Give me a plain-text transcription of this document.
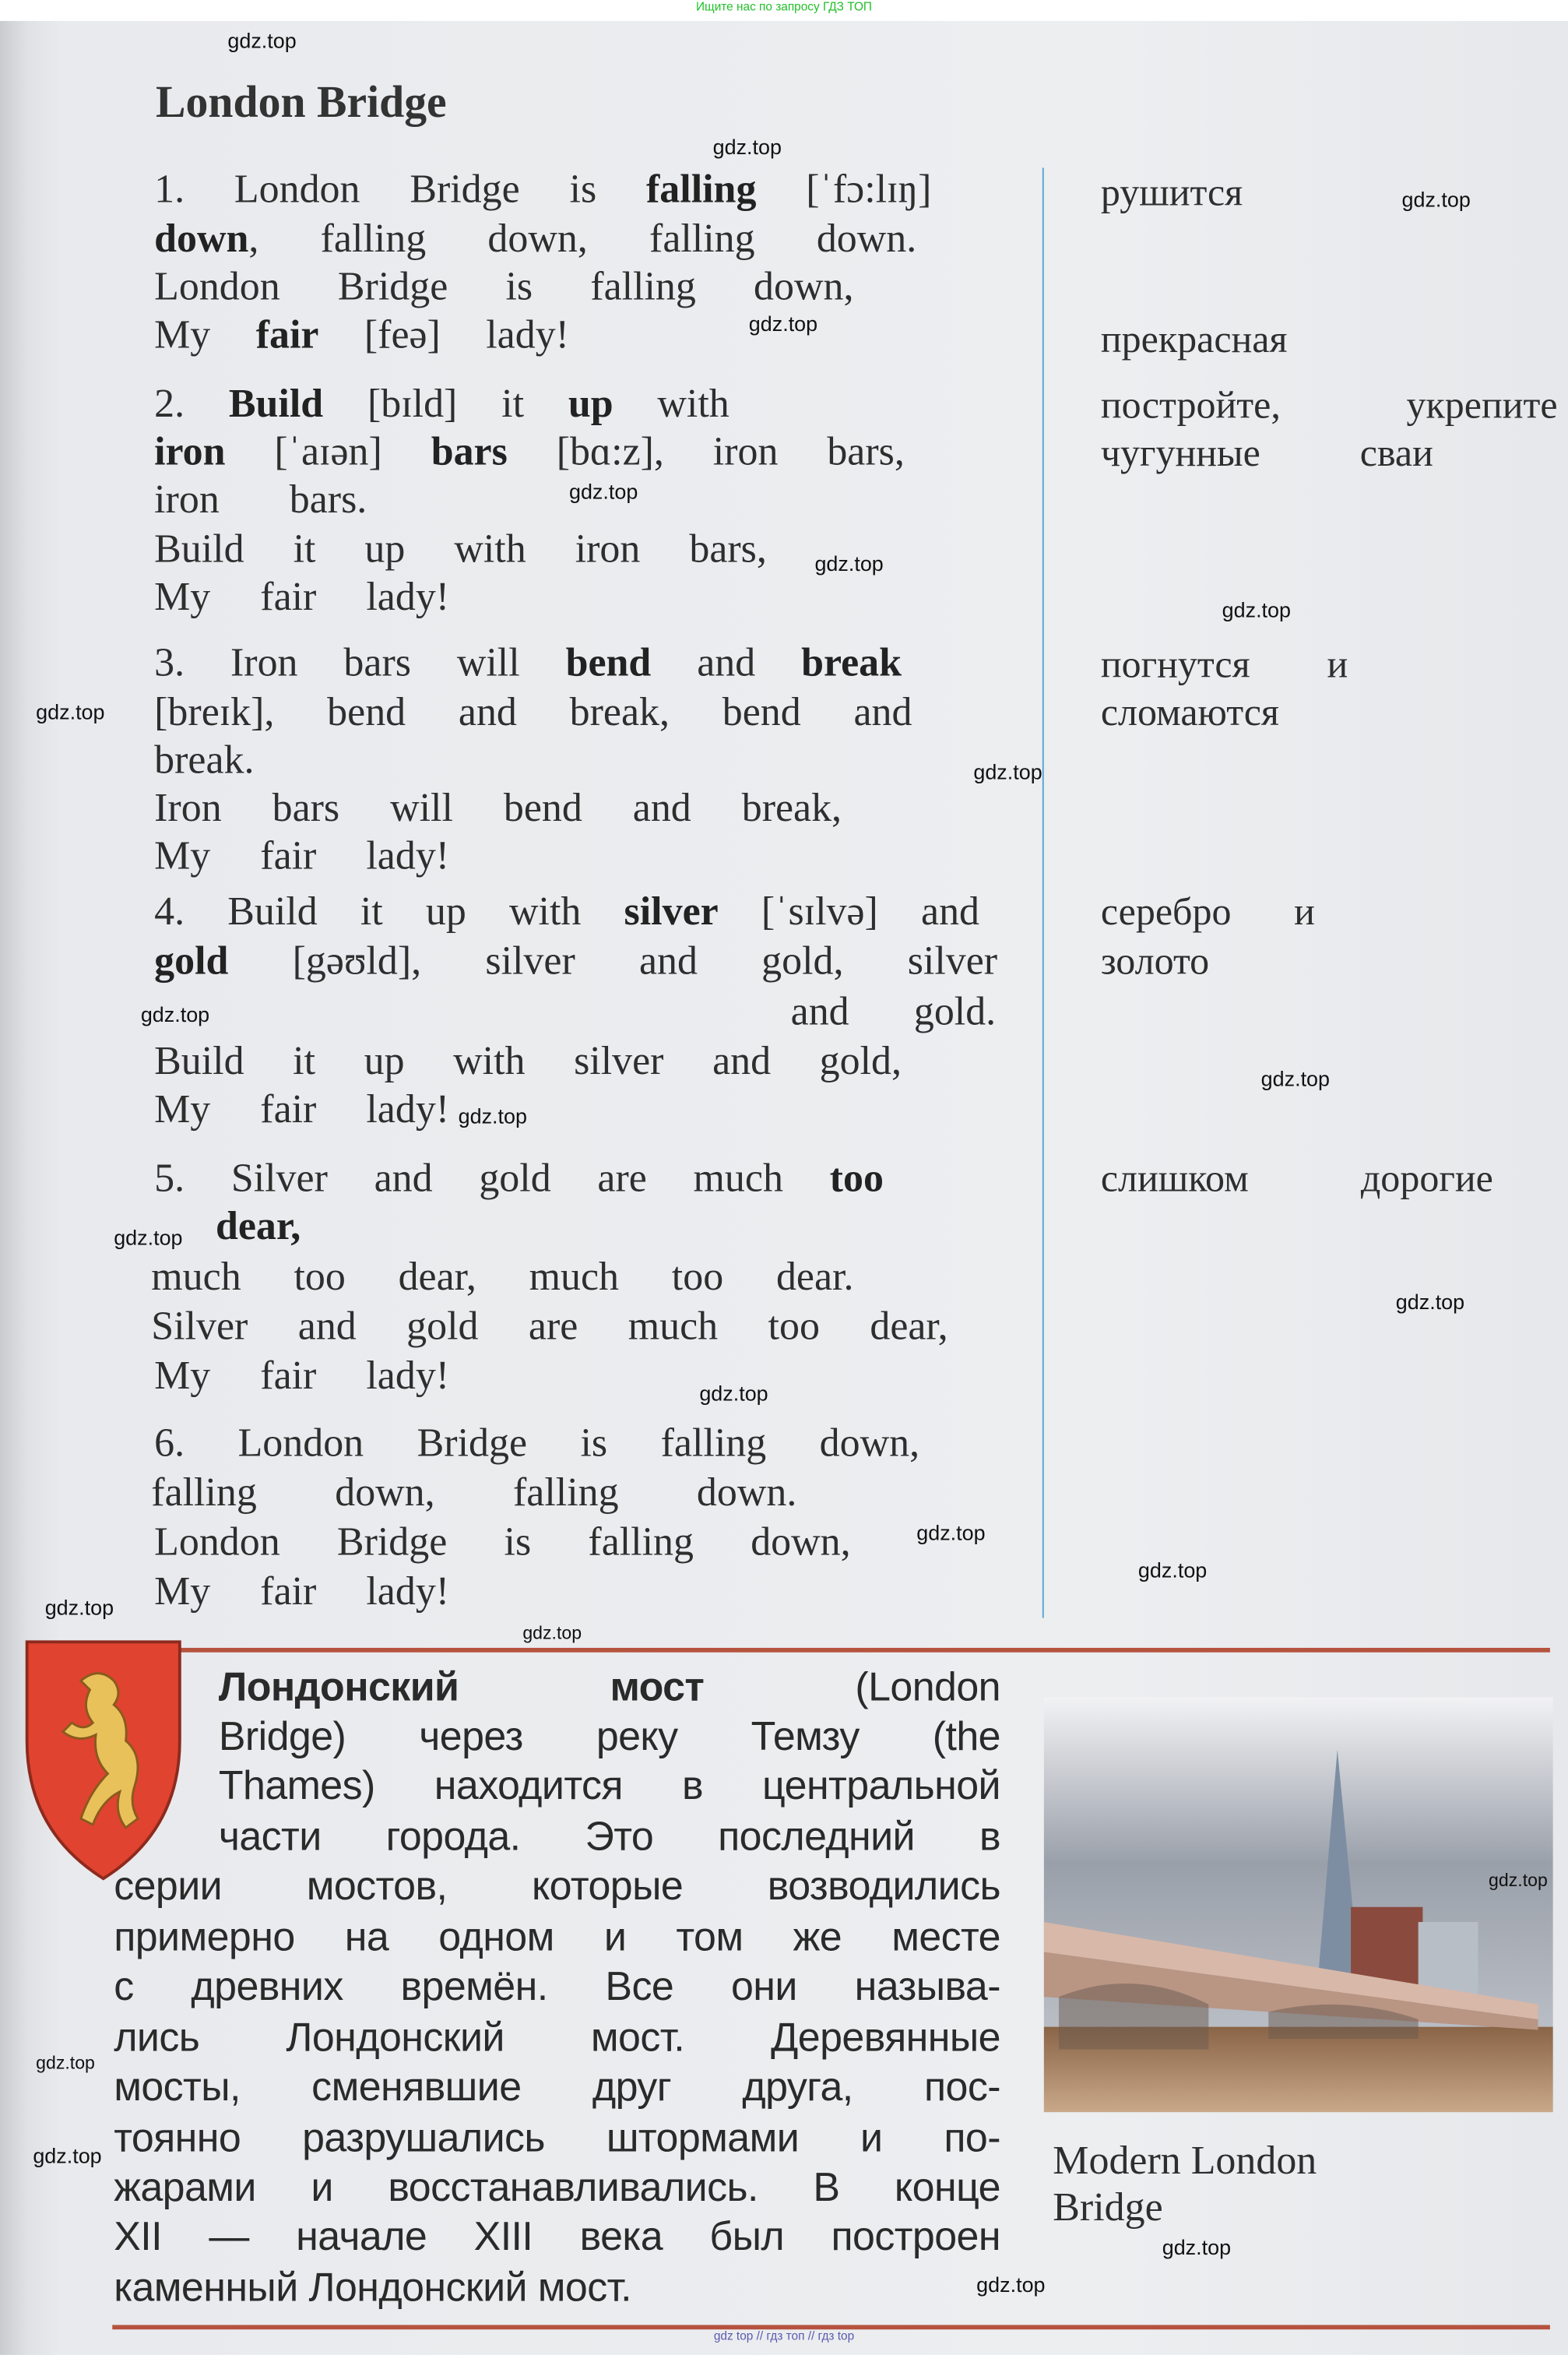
Ищите нас по запросу ГДЗ ТОП
London Bridge
1. London Bridge is falling [ˈfɔ:lɪŋ]
down, falling down, falling down.
London Bridge is falling down,
My fair [feə] lady!
2. Build [bɪld] it up with
iron [ˈaɪən] bars [bɑ:z], iron bars,
iron bars.
Build it up with iron bars,
My fair lady!
3. Iron bars will bend and break
[breɪk], bend and break, bend and
break.
Iron bars will bend and break,
My fair lady!
4. Build it up with silver [ˈsɪlvə] and
gold [gəʊld], silver and gold, silver
and gold.
Build it up with silver and gold,
My fair lady!
5. Silver and gold are much too
dear,
much too dear, much too dear.
Silver and gold are much too dear,
My fair lady!
6. London Bridge is falling down,
falling down, falling down.
London Bridge is falling down,
My fair lady!
рушится
прекрасная
постройте, укрепите
чугунные сваи
погнутся и
сломаются
серебро и
золото
слишком дорогие
Лондонский	мост (London
Bridge) через реку Темзу (the
Thames) находится в центральной
части города. Это последний в
серии мостов, которые возводились
примерно на одном и том же месте
с древних времён. Все они называ-
лись Лондонский мост. Деревянные
мосты, сменявшие друг друга, пос-
тоянно разрушались штормами и по-
жарами и восстанавливались. В конце
XII — начале XIII века был построен
каменный Лондонский мост.
Modern London
Bridge
gdz top // гдз топ // гдз top
gdz.top
gdz.top
gdz.top
gdz.top
gdz.top
gdz.top
gdz.top
gdz.top
gdz.top
gdz.top
gdz.top
gdz.top
gdz.top
gdz.top
gdz.top
gdz.top
gdz.top
gdz.top
gdz.top
gdz.top
gdz.top
gdz.top
gdz.top
gdz.top
